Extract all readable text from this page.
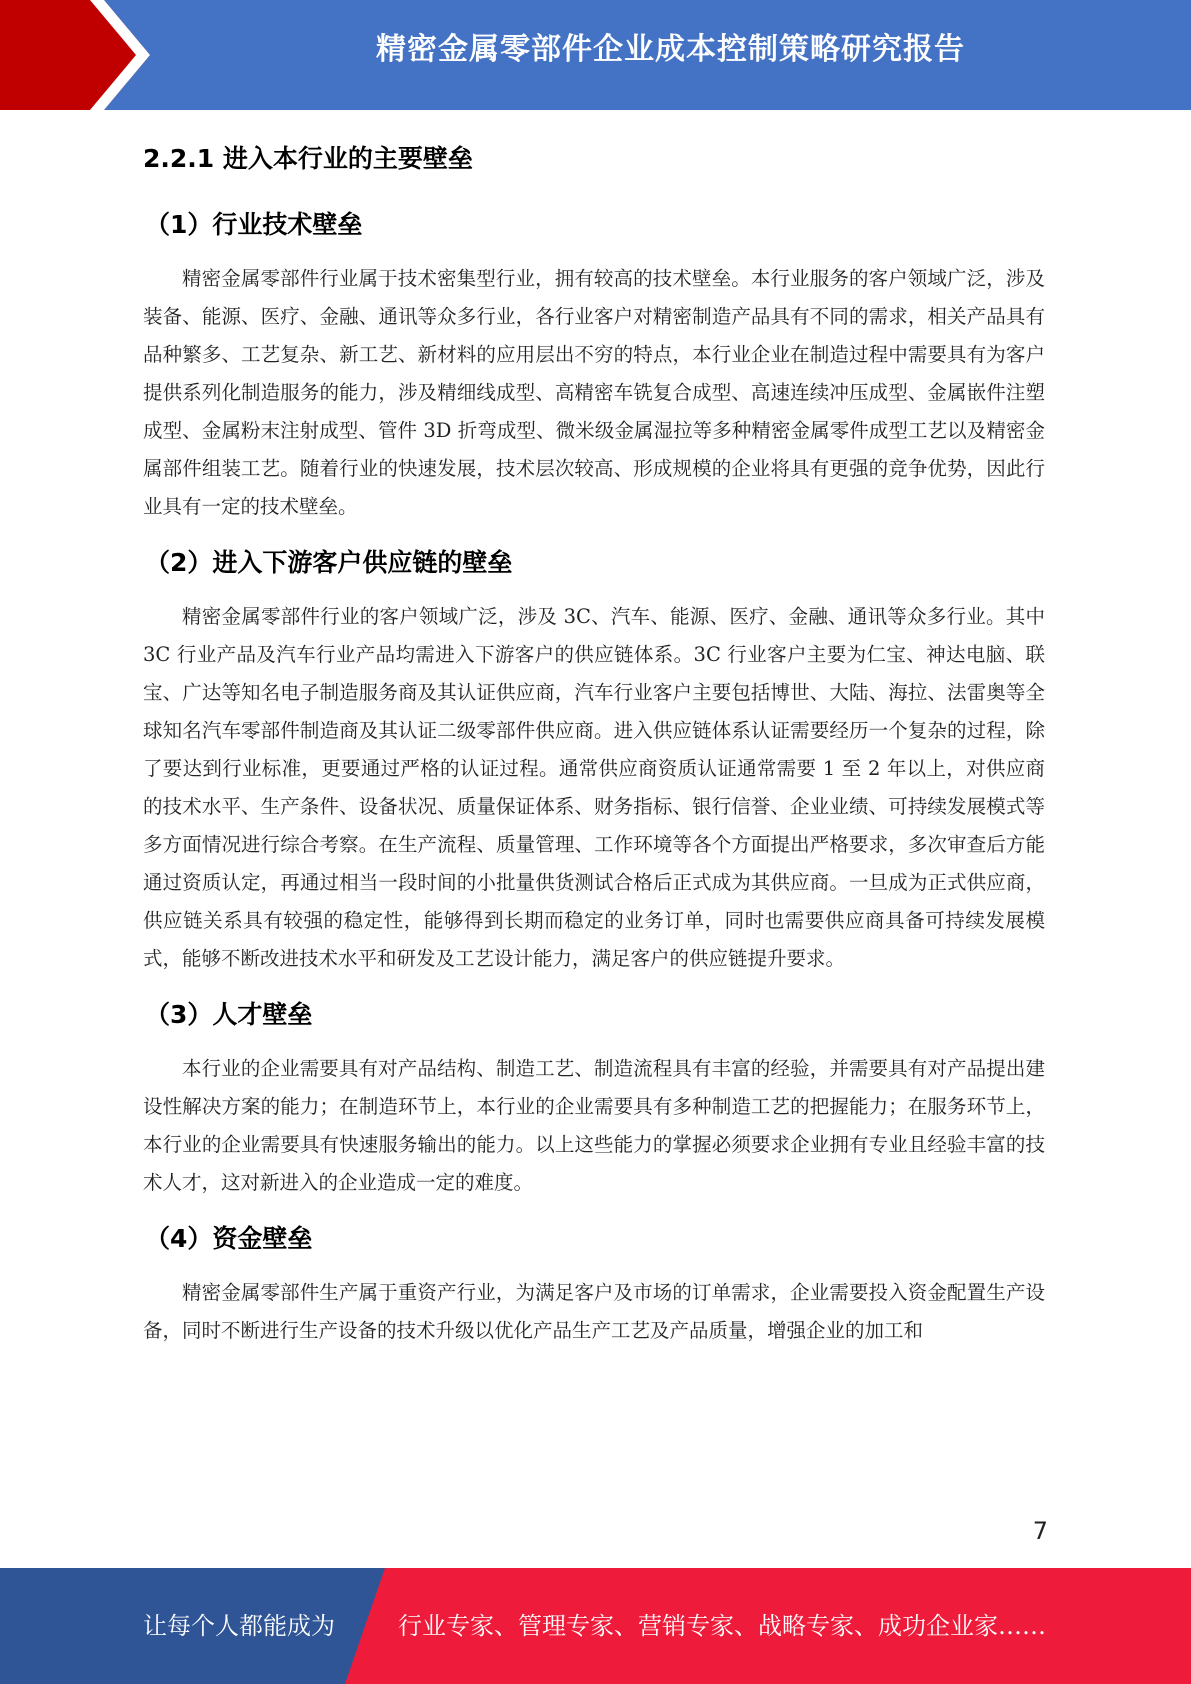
精密金属零部件企业成本控制策略研究报告
2.2.1 进入本行业的主要壁垒
（1）行业技术壁垒

精密金属零部件行业属于技术密集型行业，拥有较高的技术壁垒。本行业服务的客户领域广泛，涉及装备、能源、医疗、金融、通讯等众多行业，各行业客户对精密制造产品具有不同的需求，相关产品具有品种繁多、工艺复杂、新工艺、新材料的应用层出不穷的特点，本行业企业在制造过程中需要具有为客户提供系列化制造服务的能力，涉及精细线成型、高精密车铣复合成型、高速连续冲压成型、金属嵌件注塑成型、金属粉末注射成型、管件 3D 折弯成型、微米级金属湿拉等多种精密金属零件成型工艺以及精密金属部件组装工艺。随着行业的快速发展，技术层次较高、形成规模的企业将具有更强的竞争优势，因此行业具有一定的技术壁垒。

（2）进入下游客户供应链的壁垒

精密金属零部件行业的客户领域广泛，涉及 3C、汽车、能源、医疗、金融、通讯等众多行业。其中 3C 行业产品及汽车行业产品均需进入下游客户的供应链体系。3C 行业客户主要为仁宝、神达电脑、联宝、广达等知名电子制造服务商及其认证供应商，汽车行业客户主要包括博世、大陆、海拉、法雷奥等全球知名汽车零部件制造商及其认证二级零部件供应商。进入供应链体系认证需要经历一个复杂的过程，除了要达到行业标准，更要通过严格的认证过程。通常供应商资质认证通常需要 1 至 2 年以上，对供应商的技术水平、生产条件、设备状况、质量保证体系、财务指标、银行信誉、企业业绩、可持续发展模式等多方面情况进行综合考察。在生产流程、质量管理、工作环境等各个方面提出严格要求，多次审查后方能通过资质认定，再通过相当一段时间的小批量供货测试合格后正式成为其供应商。一旦成为正式供应商，供应链关系具有较强的稳定性，能够得到长期而稳定的业务订单，同时也需要供应商具备可持续发展模式，能够不断改进技术水平和研发及工艺设计能力，满足客户的供应链提升要求。

（3）人才壁垒

本行业的企业需要具有对产品结构、制造工艺、制造流程具有丰富的经验，并需要具有对产品提出建设性解决方案的能力；在制造环节上，本行业的企业需要具有多种制造工艺的把握能力；在服务环节上，本行业的企业需要具有快速服务输出的能力。以上这些能力的掌握必须要求企业拥有专业且经验丰富的技术人才，这对新进入的企业造成一定的难度。

（4）资金壁垒

精密金属零部件生产属于重资产行业，为满足客户及市场的订单需求，企业需要投入资金配置生产设备，同时不断进行生产设备的技术升级以优化产品生产工艺及产品质量，增强企业的加工和

7
让每个人都能成为	行业专家、管理专家、营销专家、战略专家、成功企业家……
